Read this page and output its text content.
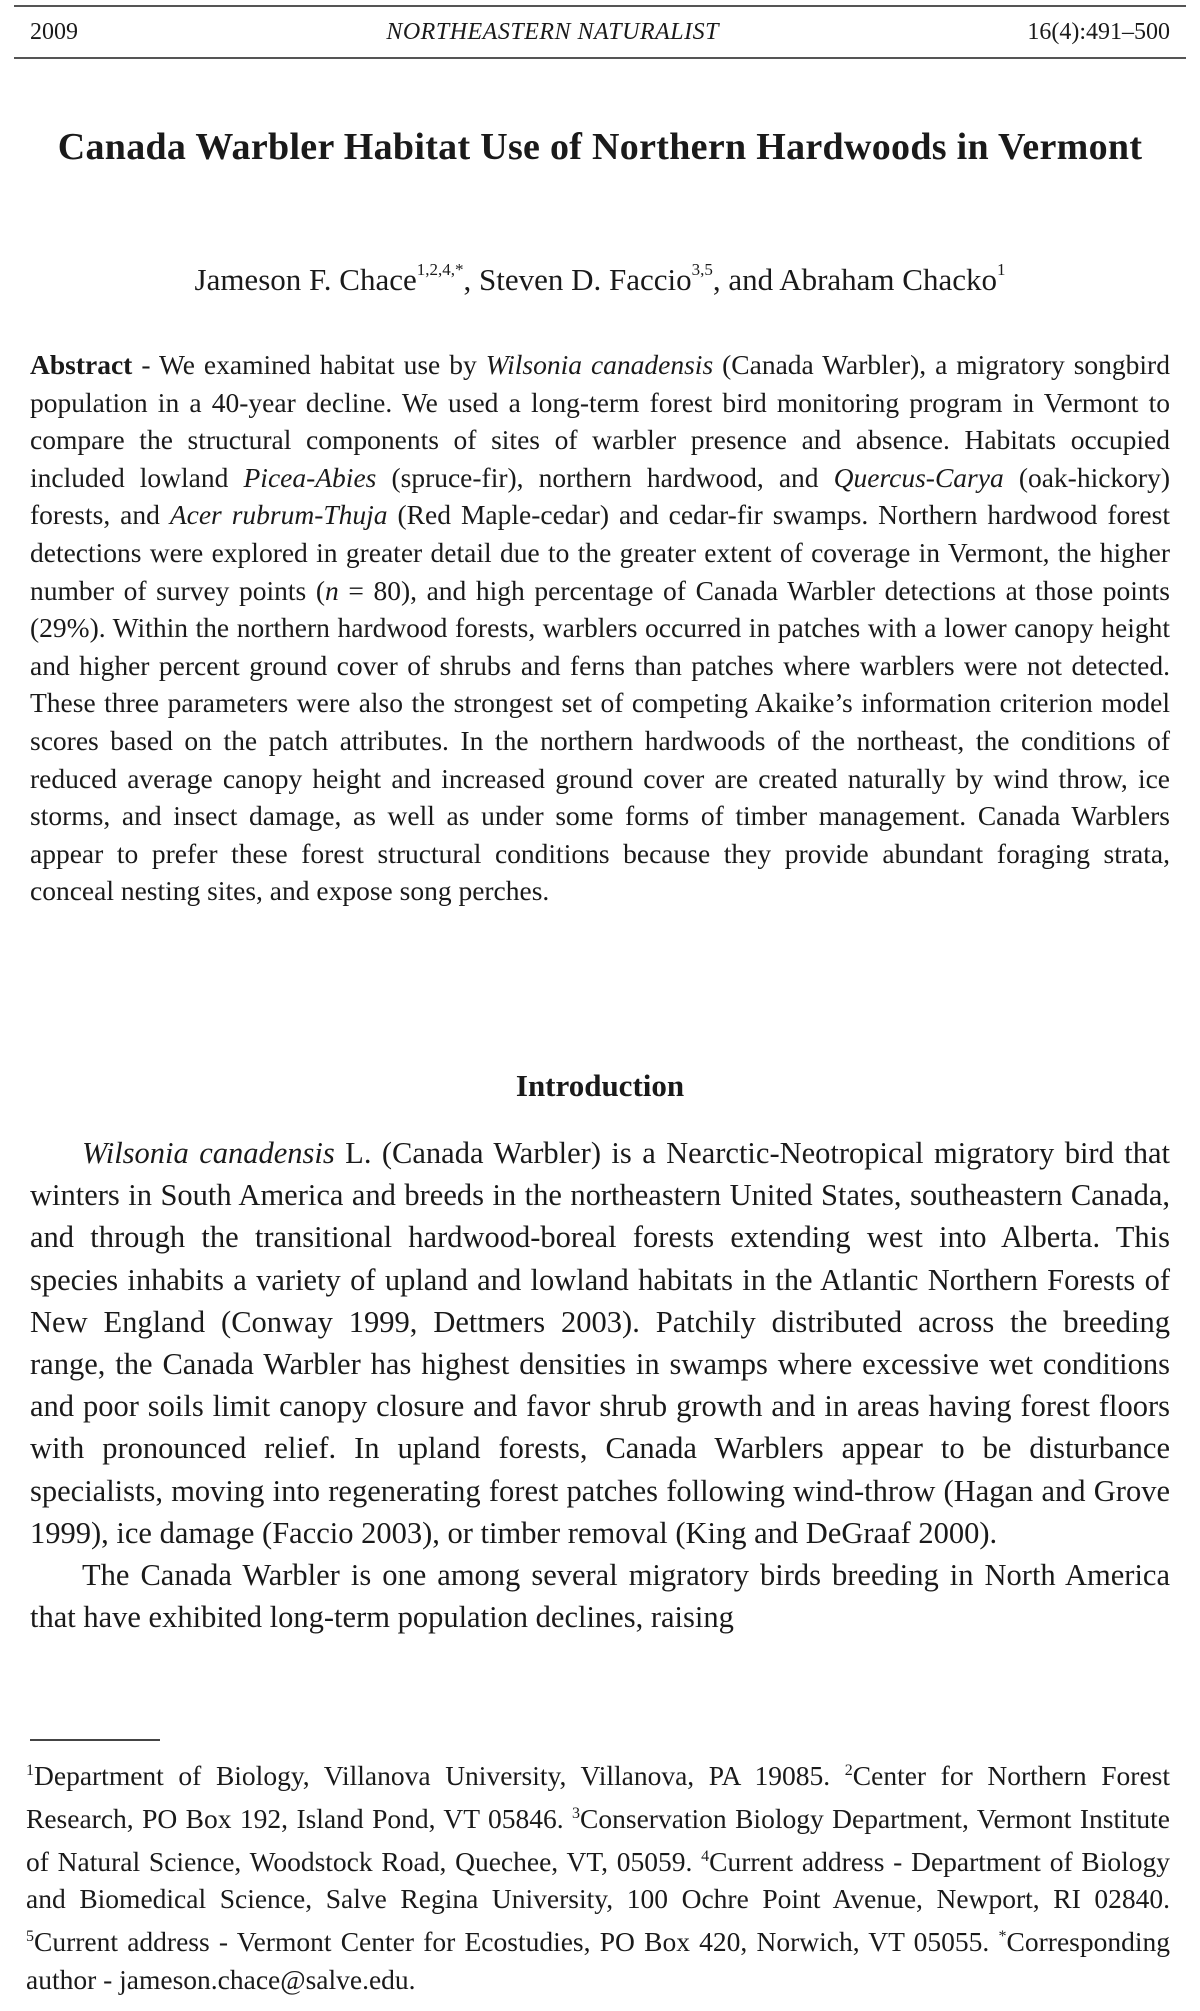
2009	NORTHEASTERN NATURALIST	16(4):491–500
Canada Warbler Habitat Use of Northern Hardwoods in Vermont
Jameson F. Chace$^{1,2,4,*}$, Steven D. Faccio$^{3,5}$, and Abraham Chacko$^1$
Abstract - We examined habitat use by Wilsonia canadensis (Canada Warbler), a migratory songbird population in a 40-year decline. We used a long-term forest bird monitoring program in Vermont to compare the structural components of sites of warbler presence and absence. Habitats occupied included lowland Picea-Abies (spruce-fir), northern hardwood, and Quercus-Carya (oak-hickory) forests, and Acer rubrum-Thuja (Red Maple-cedar) and cedar-fir swamps. Northern hardwood forest detections were explored in greater detail due to the greater extent of coverage in Vermont, the higher number of survey points (n = 80), and high percentage of Canada Warbler detections at those points (29%). Within the northern hardwood forests, warblers occurred in patches with a lower canopy height and higher percent ground cover of shrubs and ferns than patches where warblers were not detected. These three parameters were also the strongest set of competing Akaike’s information criterion model scores based on the patch attributes. In the northern hardwoods of the northeast, the conditions of reduced average canopy height and increased ground cover are created naturally by wind throw, ice storms, and insect damage, as well as under some forms of timber management. Canada Warblers appear to prefer these forest structural conditions because they provide abundant foraging strata, conceal nesting sites, and expose song perches.
Introduction

Wilsonia canadensis L. (Canada Warbler) is a Nearctic-Neotropical migratory bird that winters in South America and breeds in the northeastern United States, southeastern Canada, and through the transitional hardwood-boreal forests extending west into Alberta. This species inhabits a variety of upland and lowland habitats in the Atlantic Northern Forests of New England (Conway 1999, Dettmers 2003). Patchily distributed across the breeding range, the Canada Warbler has highest densities in swamps where excessive wet conditions and poor soils limit canopy closure and favor shrub growth and in areas having forest floors with pronounced relief. In upland forests, Canada Warblers appear to be disturbance specialists, moving into regenerating forest patches following wind-throw (Hagan and Grove 1999), ice damage (Faccio 2003), or timber removal (King and DeGraaf 2000).

The Canada Warbler is one among several migratory birds breeding in North America that have exhibited long-term population declines, raising

$^1$Department of Biology, Villanova University, Villanova, PA 19085. $^2$Center for Northern Forest Research, PO Box 192, Island Pond, VT 05846. $^3$Conservation Biology Department, Vermont Institute of Natural Science, Woodstock Road, Quechee, VT, 05059. $^4$Current address - Department of Biology and Biomedical Science, Salve Regina University, 100 Ochre Point Avenue, Newport, RI 02840. $^5$Current address - Vermont Center for Ecostudies, PO Box 420, Norwich, VT 05055. *Corresponding author - jameson.chace@salve.edu.
